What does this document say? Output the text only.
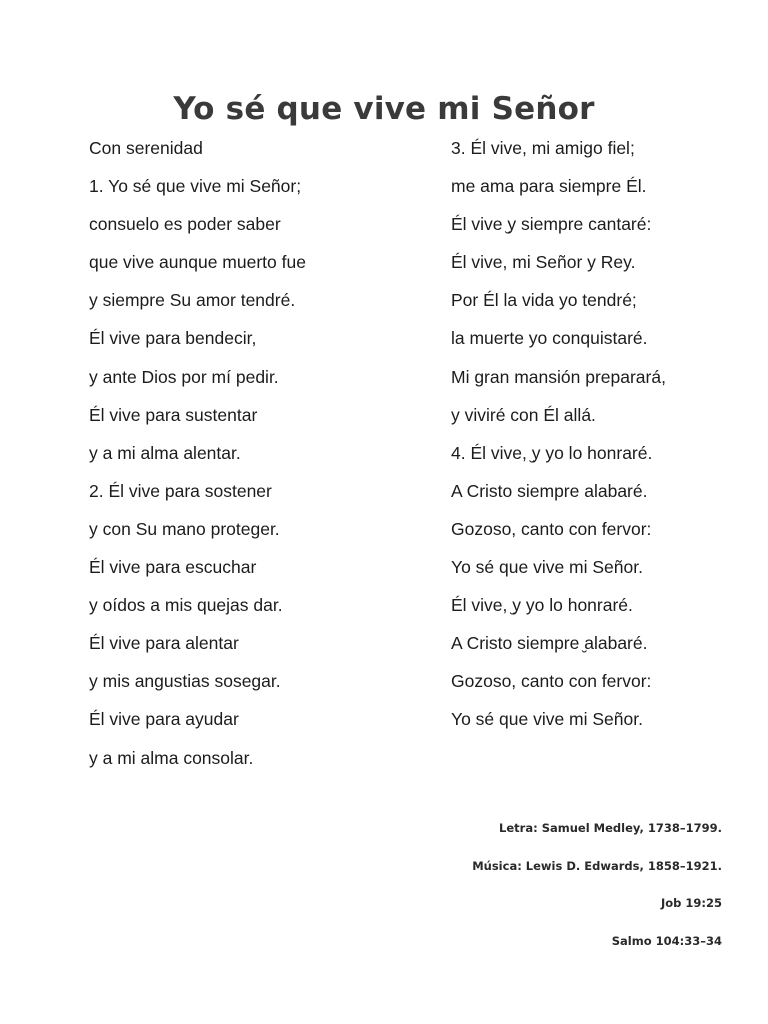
Yo sé que vive mi Señor
Con serenidad
1. Yo sé que vive mi Señor;
consuelo es poder saber
que vive aunque muerto fue
y siempre Su amor tendré.
Él vive para bendecir,
y ante Dios por mí pedir.
Él vive para sustentar
y a mi alma alentar.
2. Él vive para sostener
y con Su mano proteger.
Él vive para escuchar
y oídos a mis quejas dar.
Él vive para alentar
y mis angustias sosegar.
Él vive para ayudar
y a mi alma consolar.
3. Él vive, mi amigo fiel;
me ama para siempre Él.
Él vive ̮y siempre cantaré:
Él vive, mi Señor y Rey.
Por Él la vida yo tendré;
la muerte yo conquistaré.
Mi gran mansión preparará,
y viviré con Él allá.
4. Él vive, ̮y yo lo honraré.
A Cristo siempre alabaré.
Gozoso, canto con fervor:
Yo sé que vive mi Señor.
Él vive, ̮y yo lo honraré.
A Cristo siempre ̮alabaré.
Gozoso, canto con fervor:
Yo sé que vive mi Señor.
Letra: Samuel Medley, 1738–1799.
Música: Lewis D. Edwards, 1858–1921.
Job 19:25
Salmo 104:33–34
